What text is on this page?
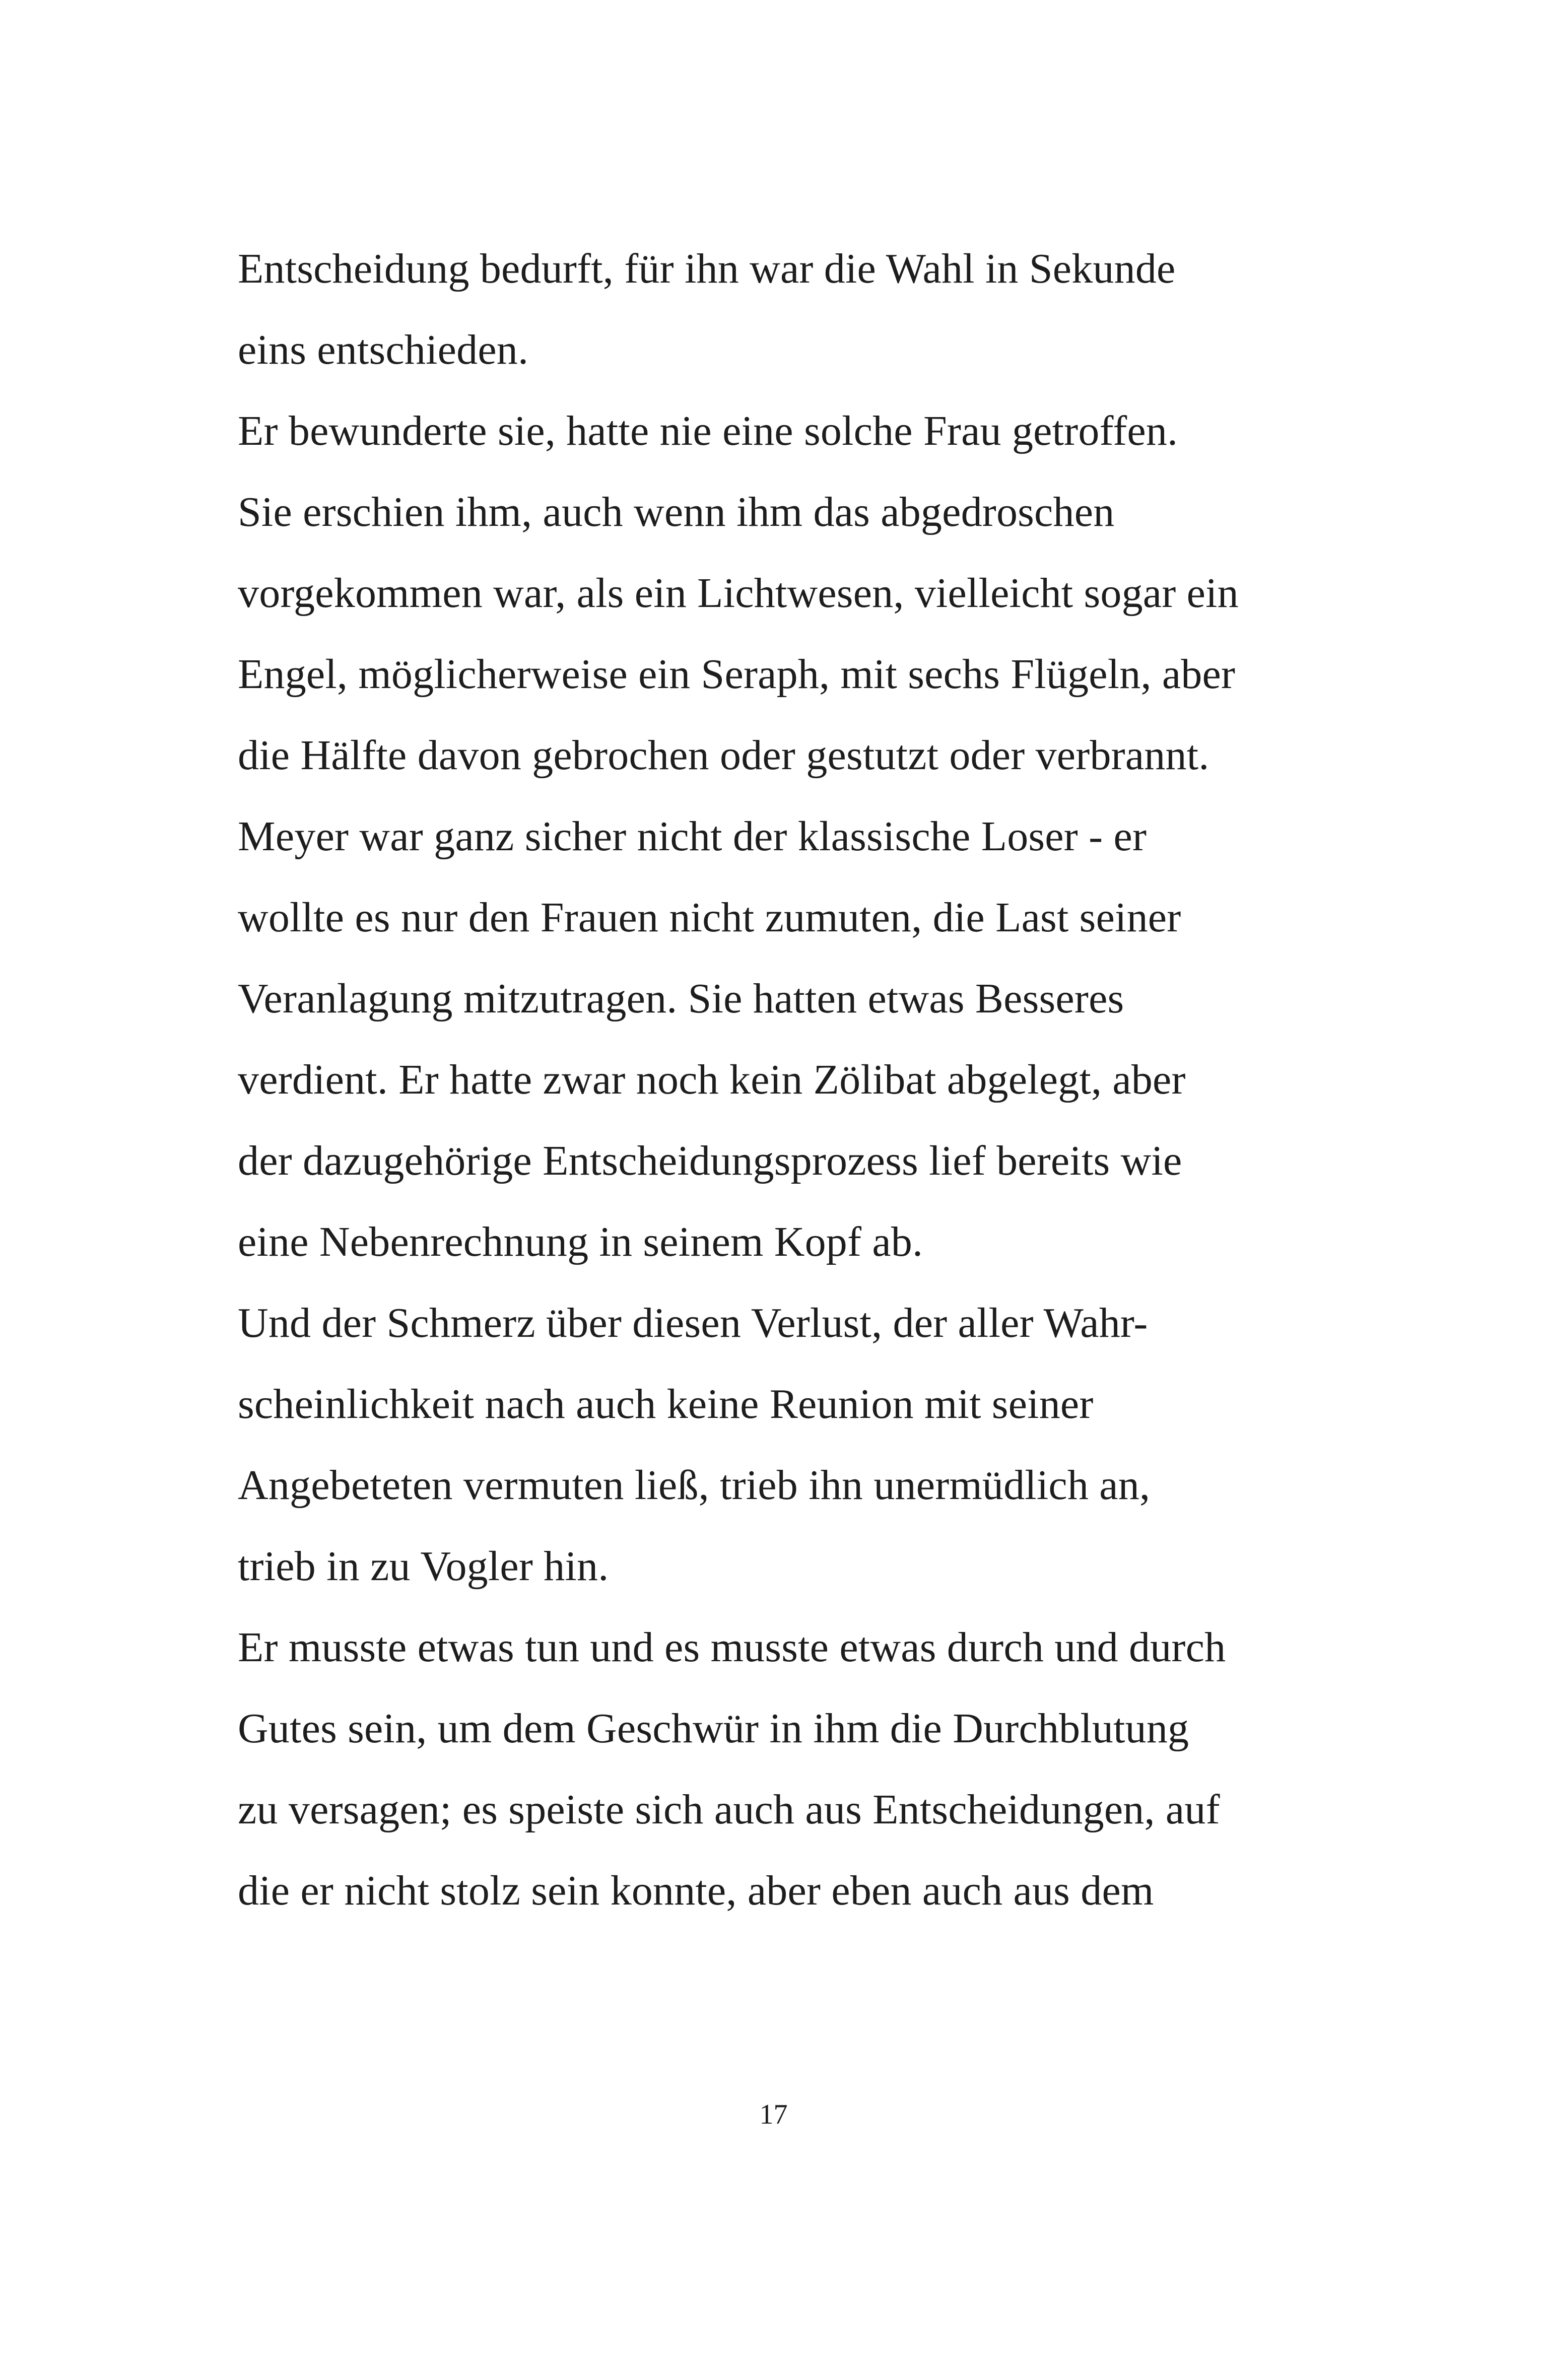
Entscheidung bedurft, für ihn war die Wahl in Sekunde
eins entschieden.
Er bewunderte sie, hatte nie eine solche Frau getroffen.
Sie erschien ihm, auch wenn ihm das abgedroschen
vorgekommen war, als ein Lichtwesen, vielleicht sogar ein
Engel, möglicherweise ein Seraph, mit sechs Flügeln, aber
die Hälfte davon gebrochen oder gestutzt oder verbrannt.
Meyer war ganz sicher nicht der klassische Loser - er
wollte es nur den Frauen nicht zumuten, die Last seiner
Veranlagung mitzutragen. Sie hatten etwas Besseres
verdient. Er hatte zwar noch kein Zölibat abgelegt, aber
der dazugehörige Entscheidungsprozess lief bereits wie
eine Nebenrechnung in seinem Kopf ab.
Und der Schmerz über diesen Verlust, der aller Wahr-
scheinlichkeit nach auch keine Reunion mit seiner
Angebeteten vermuten ließ, trieb ihn unermüdlich an,
trieb in zu Vogler hin.
Er musste etwas tun und es musste etwas durch und durch
Gutes sein, um dem Geschwür in ihm die Durchblutung
zu versagen; es speiste sich auch aus Entscheidungen, auf
die er nicht stolz sein konnte, aber eben auch aus dem
17
